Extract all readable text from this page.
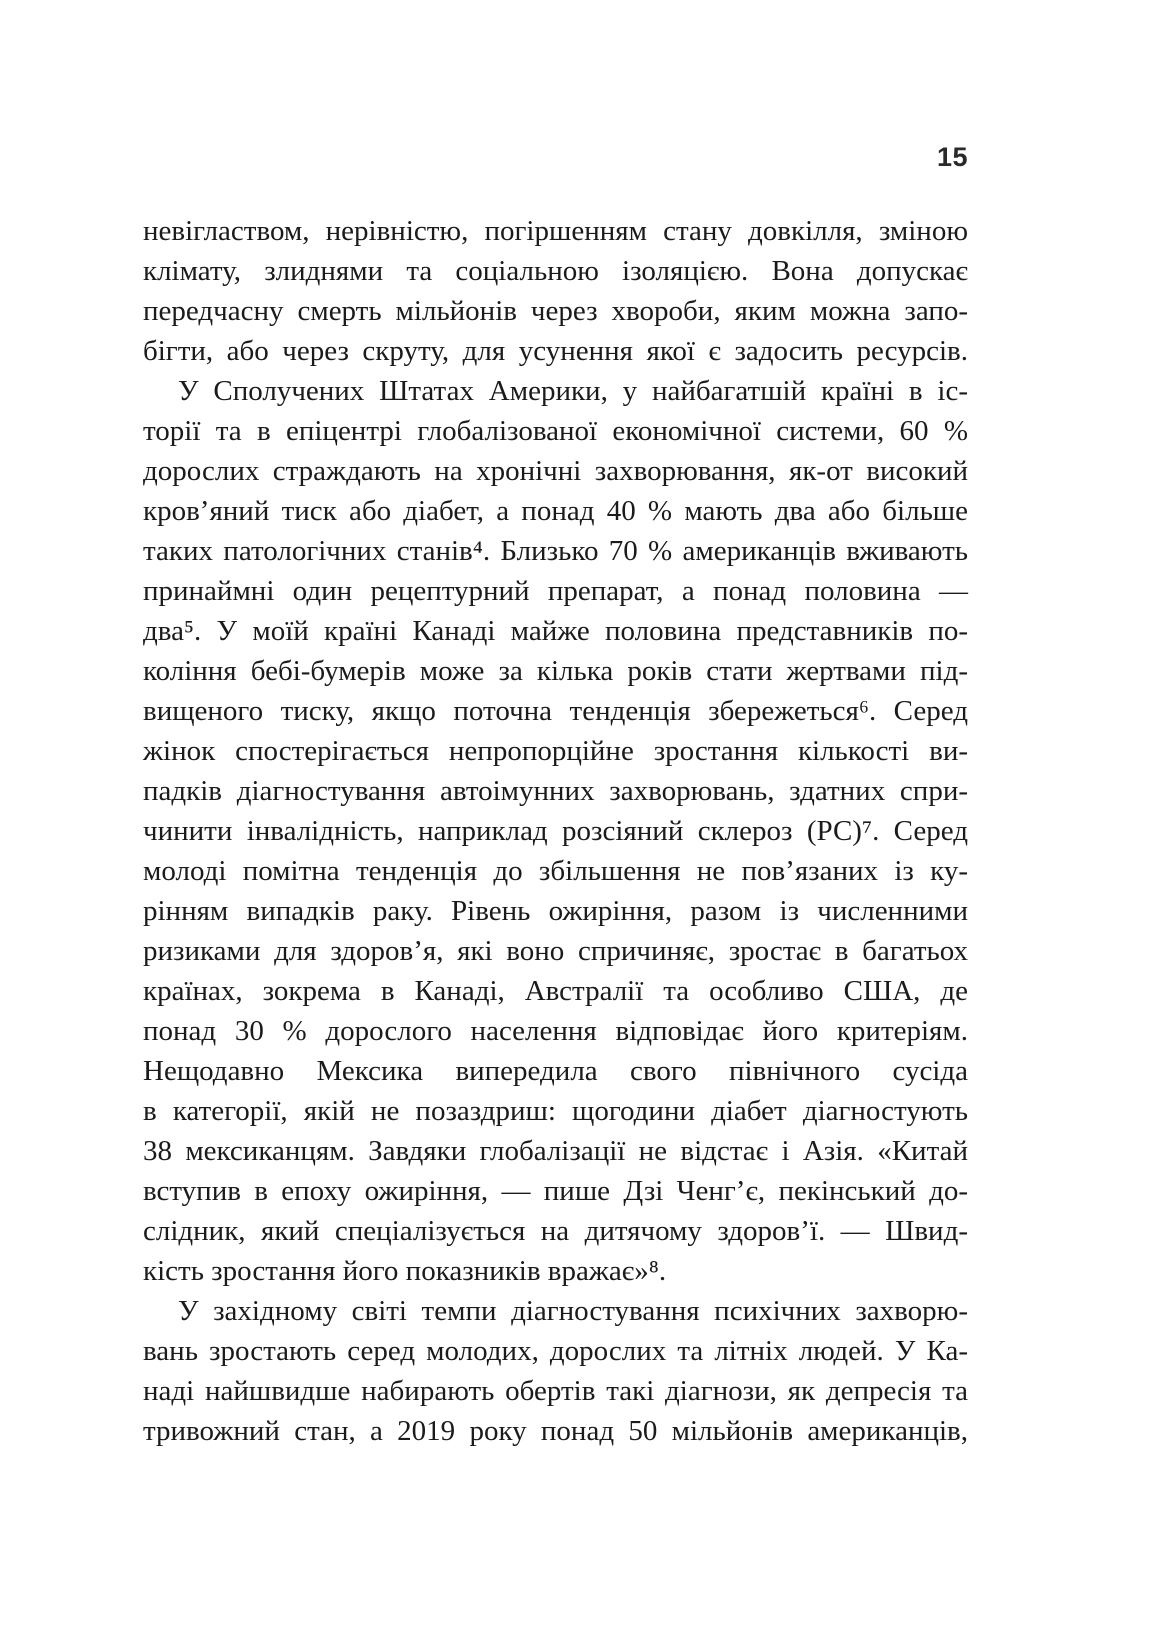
15
невіглаством, нерівністю, погіршенням стану довкілля, зміною
клімату, злиднями та соціальною ізоляцією. Вона допускає
передчасну смерть мільйонів через хвороби, яким можна запо-
бігти, або через скруту, для усунення якої є задосить ресурсів.
У Сполучених Штатах Америки, у найбагатшій країні в іс-
торії та в епіцентрі глобалізованої економічної системи, 60 %
дорослих страждають на хронічні захворювання, як-от високий
кров’яний тиск або діабет, а понад 40 % мають два або більше
таких патологічних станів⁴. Близько 70 % американців вживають
принаймні один рецептурний препарат, а понад половина —
два⁵. У моїй країні Канаді майже половина представників по-
коління бебі-бумерів може за кілька років стати жертвами під-
вищеного тиску, якщо поточна тенденція збережеться⁶. Серед
жінок спостерігається непропорційне зростання кількості ви-
падків діагностування автоімунних захворювань, здатних спри-
чинити інвалідність, наприклад розсіяний склероз (РС)⁷. Серед
молоді помітна тенденція до збільшення не пов’язаних із ку-
рінням випадків раку. Рівень ожиріння, разом із численними
ризиками для здоров’я, які воно спричиняє, зростає в багатьох
країнах, зокрема в Канаді, Австралії та особливо США, де
понад 30 % дорослого населення відповідає його критеріям.
Нещодавно Мексика випередила свого північного сусіда
в категорії, якій не позаздриш: щогодини діабет діагностують
38 мексиканцям. Завдяки глобалізації не відстає і Азія. «Китай
вступив в епоху ожиріння, — пише Дзі Ченг’є, пекінський до-
слідник, який спеціалізується на дитячому здоров’ї. — Швид-
кість зростання його показників вражає»⁸.
У західному світі темпи діагностування психічних захворю-
вань зростають серед молодих, дорослих та літніх людей. У Ка-
наді найшвидше набирають обертів такі діагнози, як депресія та
тривожний стан, а 2019 року понад 50 мільйонів американців,
